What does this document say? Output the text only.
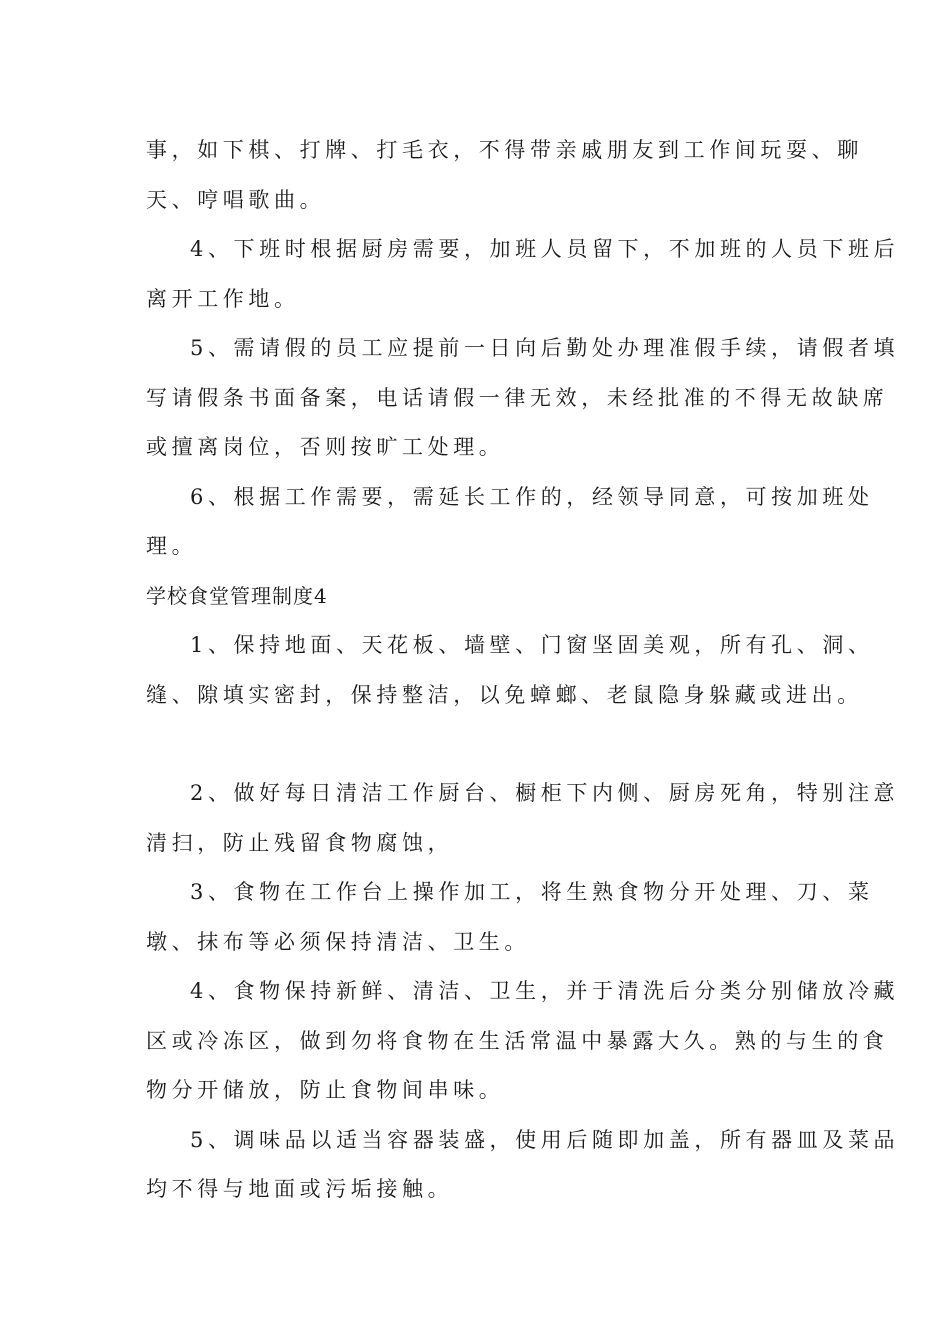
事，如下棋、打牌、打毛衣，不得带亲戚朋友到工作间玩耍、聊
天、哼唱歌曲。
4、下班时根据厨房需要，加班人员留下，不加班的人员下班后
离开工作地。
5、需请假的员工应提前一日向后勤处办理准假手续，请假者填
写请假条书面备案，电话请假一律无效，未经批准的不得无故缺席
或擅离岗位，否则按旷工处理。
6、根据工作需要，需延长工作的，经领导同意，可按加班处
理。
学校食堂管理制度4
1、保持地面、天花板、墙壁、门窗坚固美观，所有孔、洞、
缝、隙填实密封，保持整洁，以免蟑螂、老鼠隐身躲藏或进出。
2、做好每日清洁工作厨台、橱柜下内侧、厨房死角，特别注意
清扫，防止残留食物腐蚀，
3、食物在工作台上操作加工，将生熟食物分开处理、刀、菜
墩、抹布等必须保持清洁、卫生。
4、食物保持新鲜、清洁、卫生，并于清洗后分类分别储放冷藏
区或冷冻区，做到勿将食物在生活常温中暴露大久。熟的与生的食
物分开储放，防止食物间串味。
5、调味品以适当容器装盛，使用后随即加盖，所有器皿及菜品
均不得与地面或污垢接触。
